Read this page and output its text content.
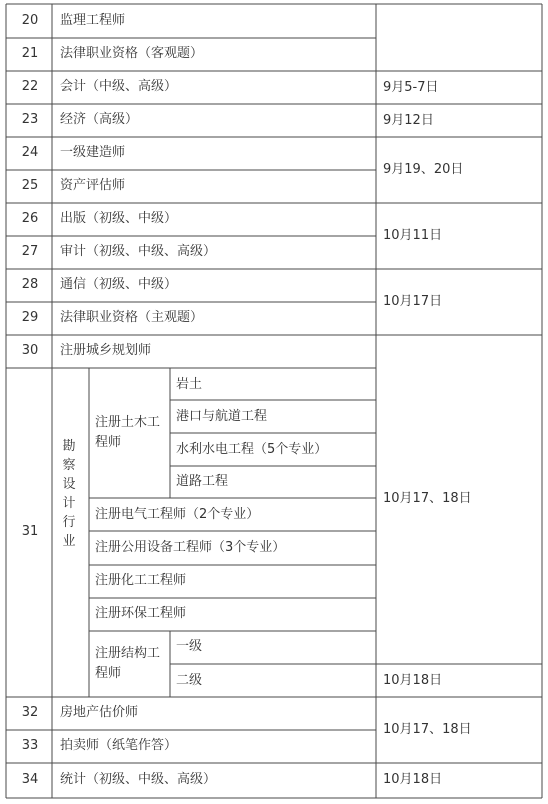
20
21
22
23
24
25
26
27
28
29
30
31
32
33
34
监理工程师
法律职业资格（客观题）
会计（中级、高级）
经济（高级）
一级建造师
资产评估师
出版（初级、中级）
审计（初级、中级、高级）
通信（初级、中级）
法律职业资格（主观题）
注册城乡规划师
房地产估价师
拍卖师（纸笔作答）
统计（初级、中级、高级）
9月5-7日
9月12日
9月19、20日
10月11日
10月17日
10月17、18日
10月18日
10月17、18日
10月18日
勘察设计行业
注册土木工程师
岩土
港口与航道工程
水利水电工程（5个专业）
道路工程
注册电气工程师（2个专业）
注册公用设备工程师（3个专业）
注册化工工程师
注册环保工程师
注册结构工程师
一级
二级
